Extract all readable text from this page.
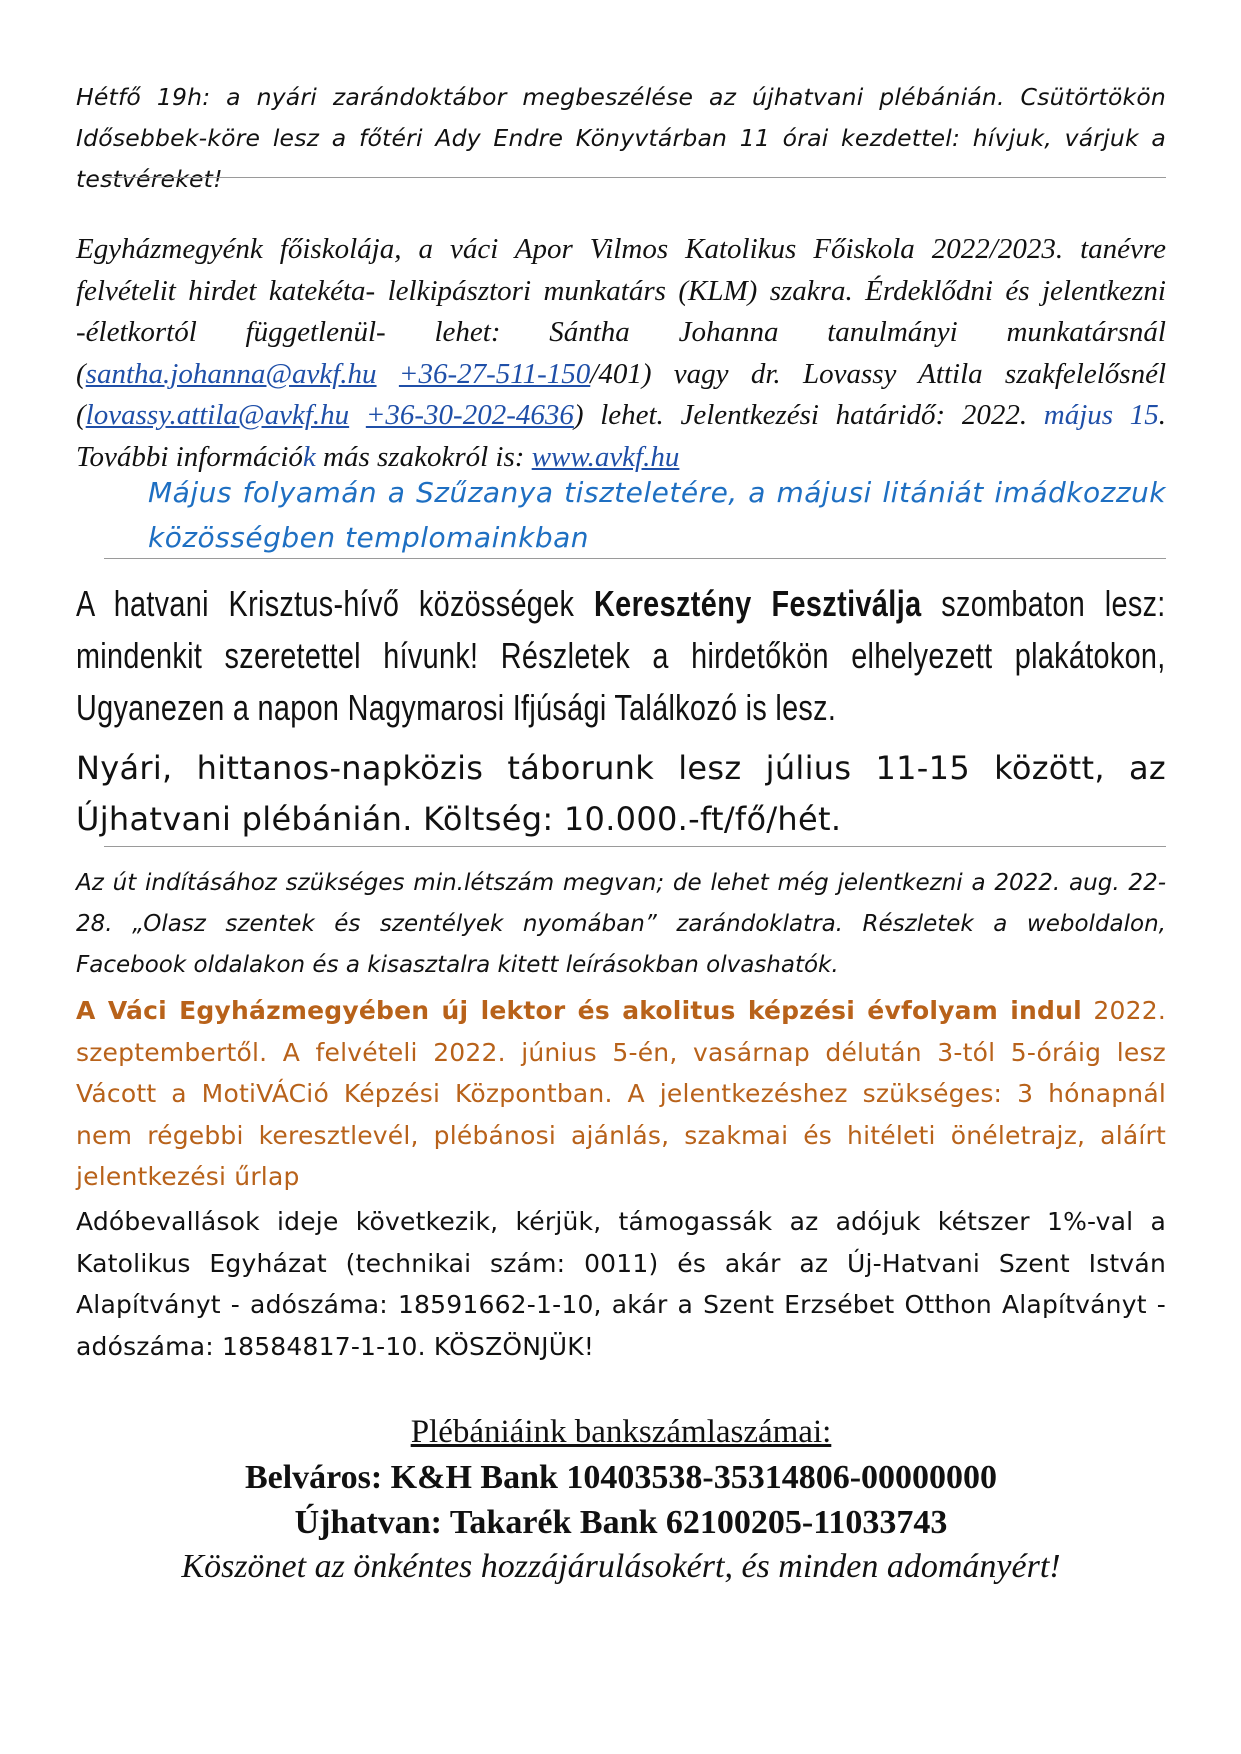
Hétfő 19h: a nyári zarándoktábor megbeszélése az újhatvani plébánián. Csütörtökön Idősebbek-köre lesz a főtéri Ady Endre Könyvtárban 11 órai kezdettel: hívjuk, várjuk a testvéreket!
Egyházmegyénk főiskolája, a váci Apor Vilmos Katolikus Főiskola 2022/2023. tanévre felvételit hirdet katekéta- lelkipásztori munkatárs (KLM) szakra. Érdeklődni és jelentkezni -életkortól függetlenül- lehet: Sántha Johanna tanulmányi munkatársnál (santha.johanna@avkf.hu +36-27-511-150/401) vagy dr. Lovassy Attila szakfelelősnél (lovassy.attila@avkf.hu +36-30-202-4636) lehet. Jelentkezési határidő: 2022. május 15. További információk más szakokról is: www.avkf.hu
Május folyamán a Szűzanya tiszteletére, a májusi litániát imádkozzuk közösségben templomainkban
A hatvani Krisztus-hívő közösségek Keresztény Fesztiválja szombaton lesz: mindenkit szeretettel hívunk! Részletek a hirdetőkön elhelyezett plakátokon, Ugyanezen a napon Nagymarosi Ifjúsági Találkozó is lesz.
Nyári, hittanos-napközis táborunk lesz július 11-15 között, az Újhatvani plébánián. Költség: 10.000.-ft/fő/hét.
Az út indításához szükséges min.létszám megvan; de lehet még jelentkezni a 2022. aug. 22-28. „Olasz szentek és szentélyek nyomában” zarándoklatra. Részletek a weboldalon, Facebook oldalakon és a kisasztalra kitett leírásokban olvashatók.
A Váci Egyházmegyében új lektor és akolitus képzési évfolyam indul 2022. szeptembertől. A felvételi 2022. június 5-én, vasárnap délután 3-tól 5-óráig lesz Vácott a MotiVÁCió Képzési Központban. A jelentkezéshez szükséges: 3 hónapnál nem régebbi keresztlevél, plébánosi ajánlás, szakmai és hitéleti önéletrajz, aláírt jelentkezési űrlap
Adóbevallások ideje következik, kérjük, támogassák az adójuk kétszer 1%-val a Katolikus Egyházat (technikai szám: 0011) és akár az Új-Hatvani Szent István Alapítványt - adószáma: 18591662-1-10, akár a Szent Erzsébet Otthon Alapítványt - adószáma: 18584817-1-10. KÖSZÖNJÜK!
Plébániáink bankszámlaszámai:
Belváros: K&H Bank 10403538-35314806-00000000
Újhatvan: Takarék Bank 62100205-11033743
Köszönet az önkéntes hozzájárulásokért, és minden adományért!
